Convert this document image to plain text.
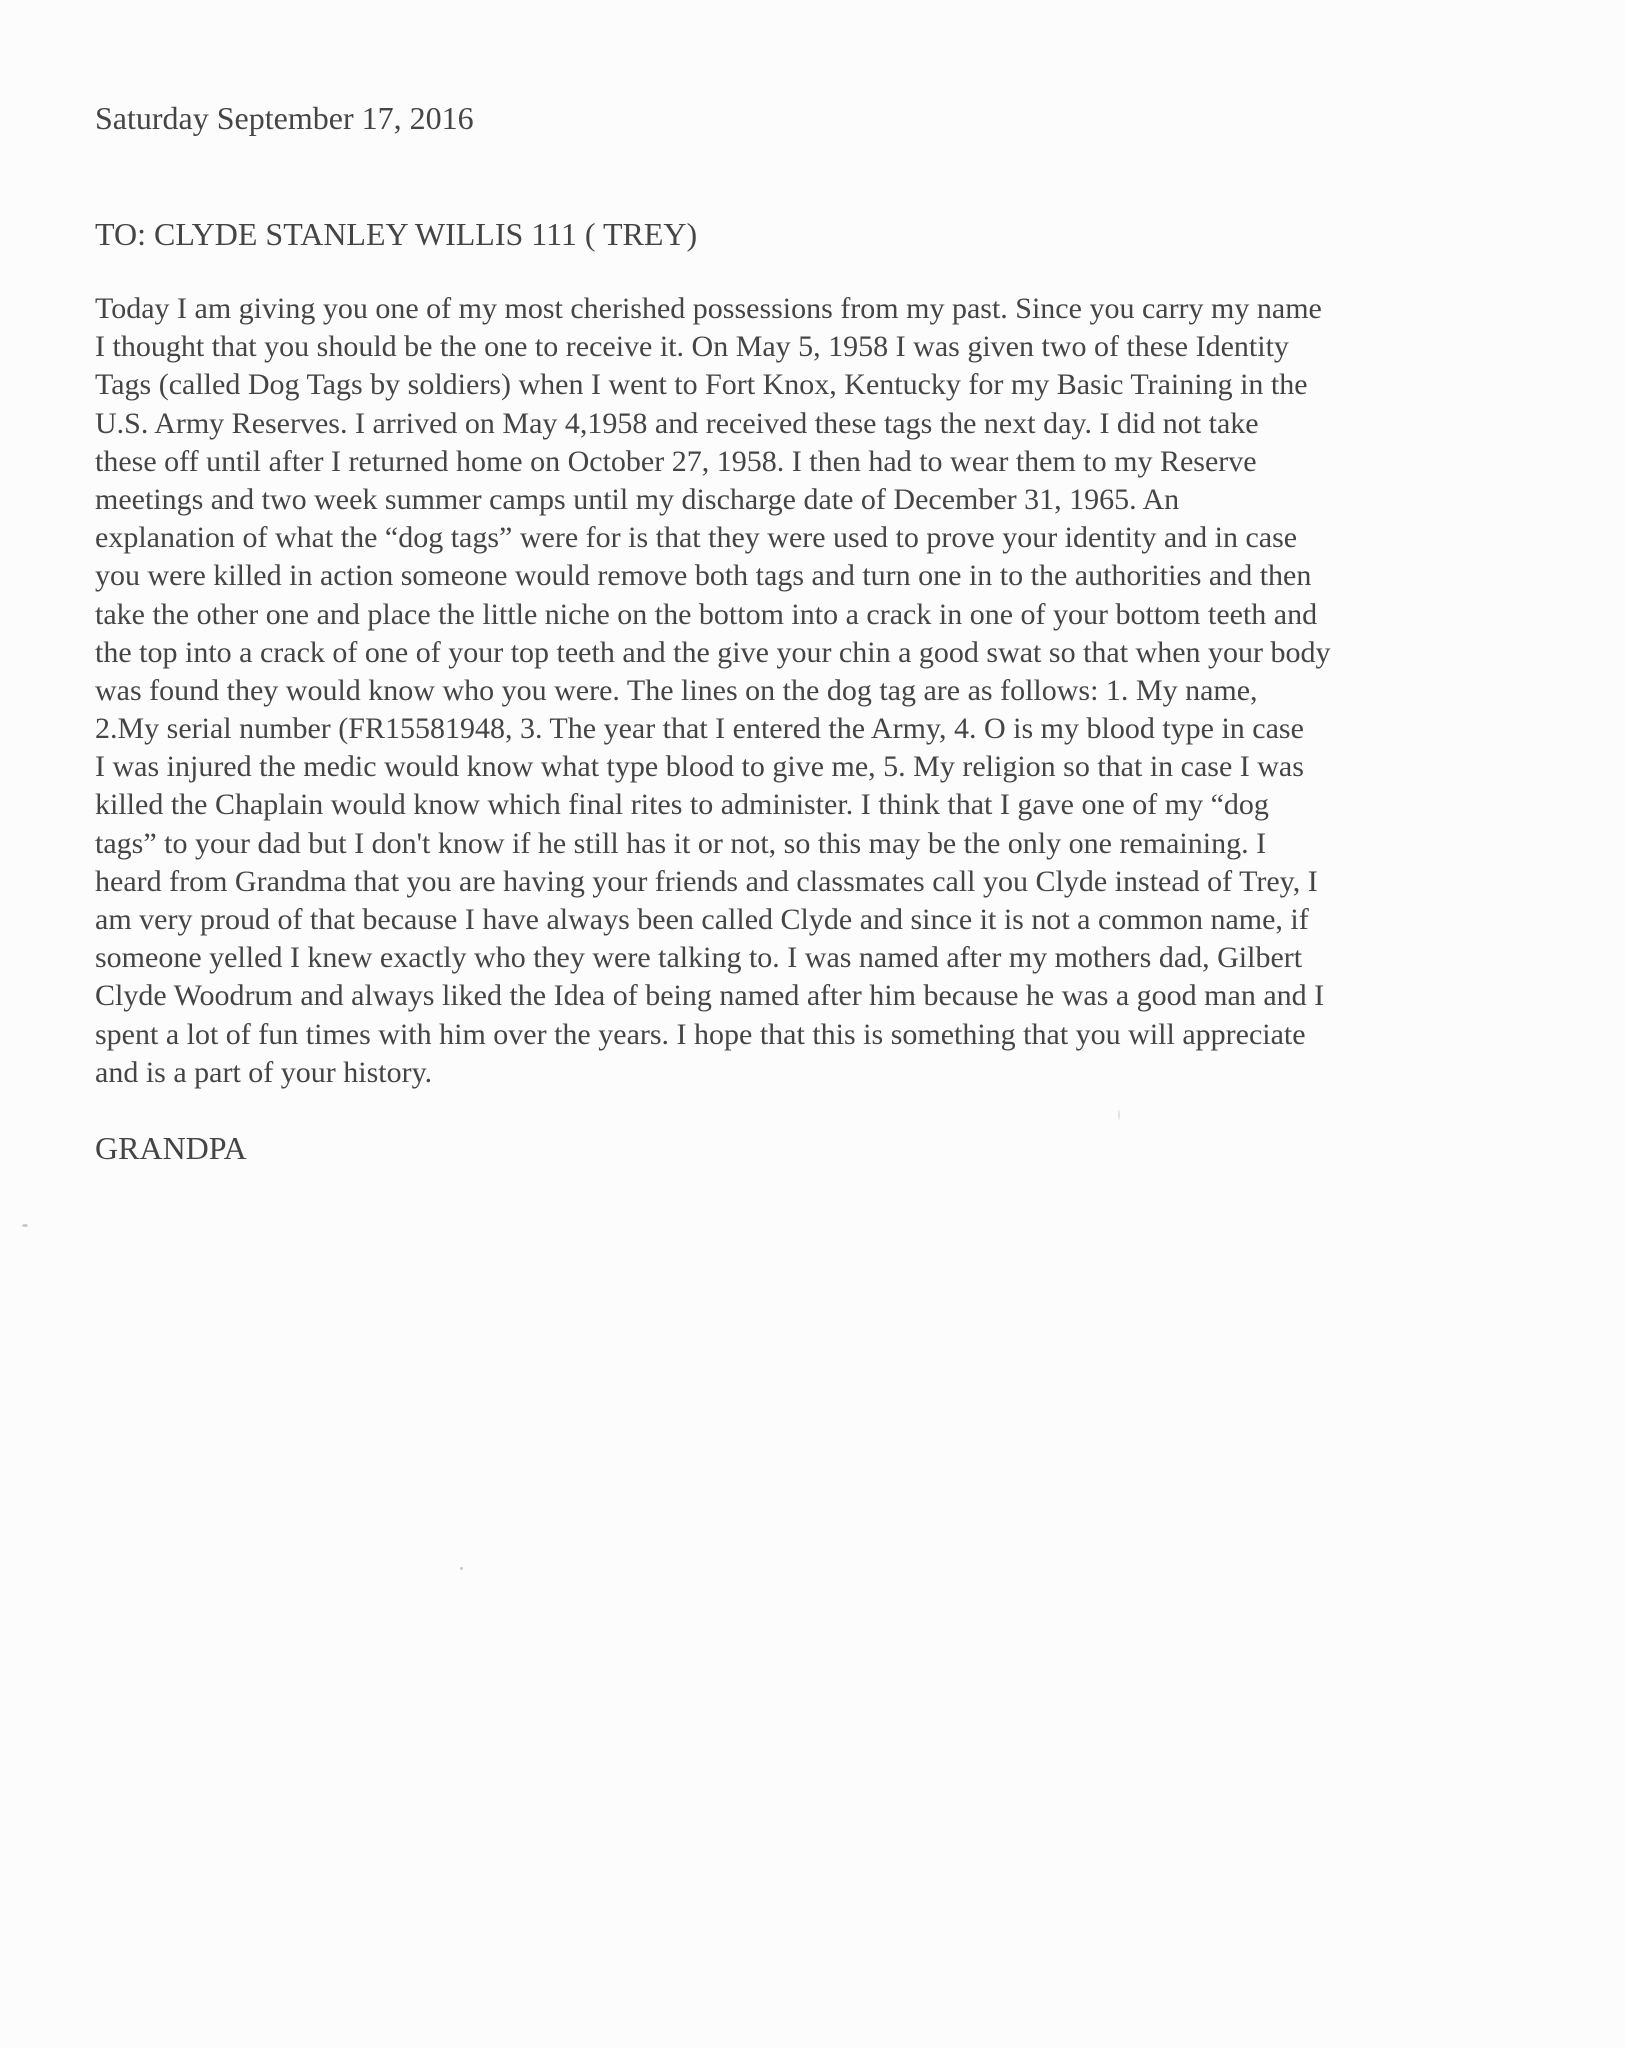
Saturday September 17, 2016
TO: CLYDE STANLEY WILLIS 111 ( TREY)
Today I am giving you one of my most cherished possessions from my past. Since you carry my name
I thought that you should be the one to receive it. On May 5, 1958 I was given two of these Identity
Tags (called Dog Tags by soldiers) when I went to Fort Knox, Kentucky for my Basic Training in the
U.S. Army Reserves. I arrived on May 4,1958 and received these tags the next day. I did not take
these off until after I returned home on October 27, 1958. I then had to wear them to my Reserve
meetings and two week summer camps until my discharge date of December 31, 1965. An
explanation of what the “dog tags” were for is that they were used to prove your identity and in case
you were killed in action someone would remove both tags and turn one in to the authorities and then
take the other one and place the little niche on the bottom into a crack in one of your bottom teeth and
the top into a crack of one of your top teeth and the give your chin a good swat so that when your body
was found they would know who you were. The lines on the dog tag are as follows: 1. My name,
2.My serial number (FR15581948, 3. The year that I entered the Army, 4. O is my blood type in case
I was injured the medic would know what type blood to give me, 5. My religion so that in case I was
killed the Chaplain would know which final rites to administer. I think that I gave one of my “dog
tags” to your dad but I don't know if he still has it or not, so this may be the only one remaining. I
heard from Grandma that you are having your friends and classmates call you Clyde instead of Trey, I
am very proud of that because I have always been called Clyde and since it is not a common name, if
someone yelled I knew exactly who they were talking to. I was named after my mothers dad, Gilbert
Clyde Woodrum and always liked the Idea of being named after him because he was a good man and I
spent a lot of fun times with him over the years. I hope that this is something that you will appreciate
and is a part of your history.
GRANDPA
